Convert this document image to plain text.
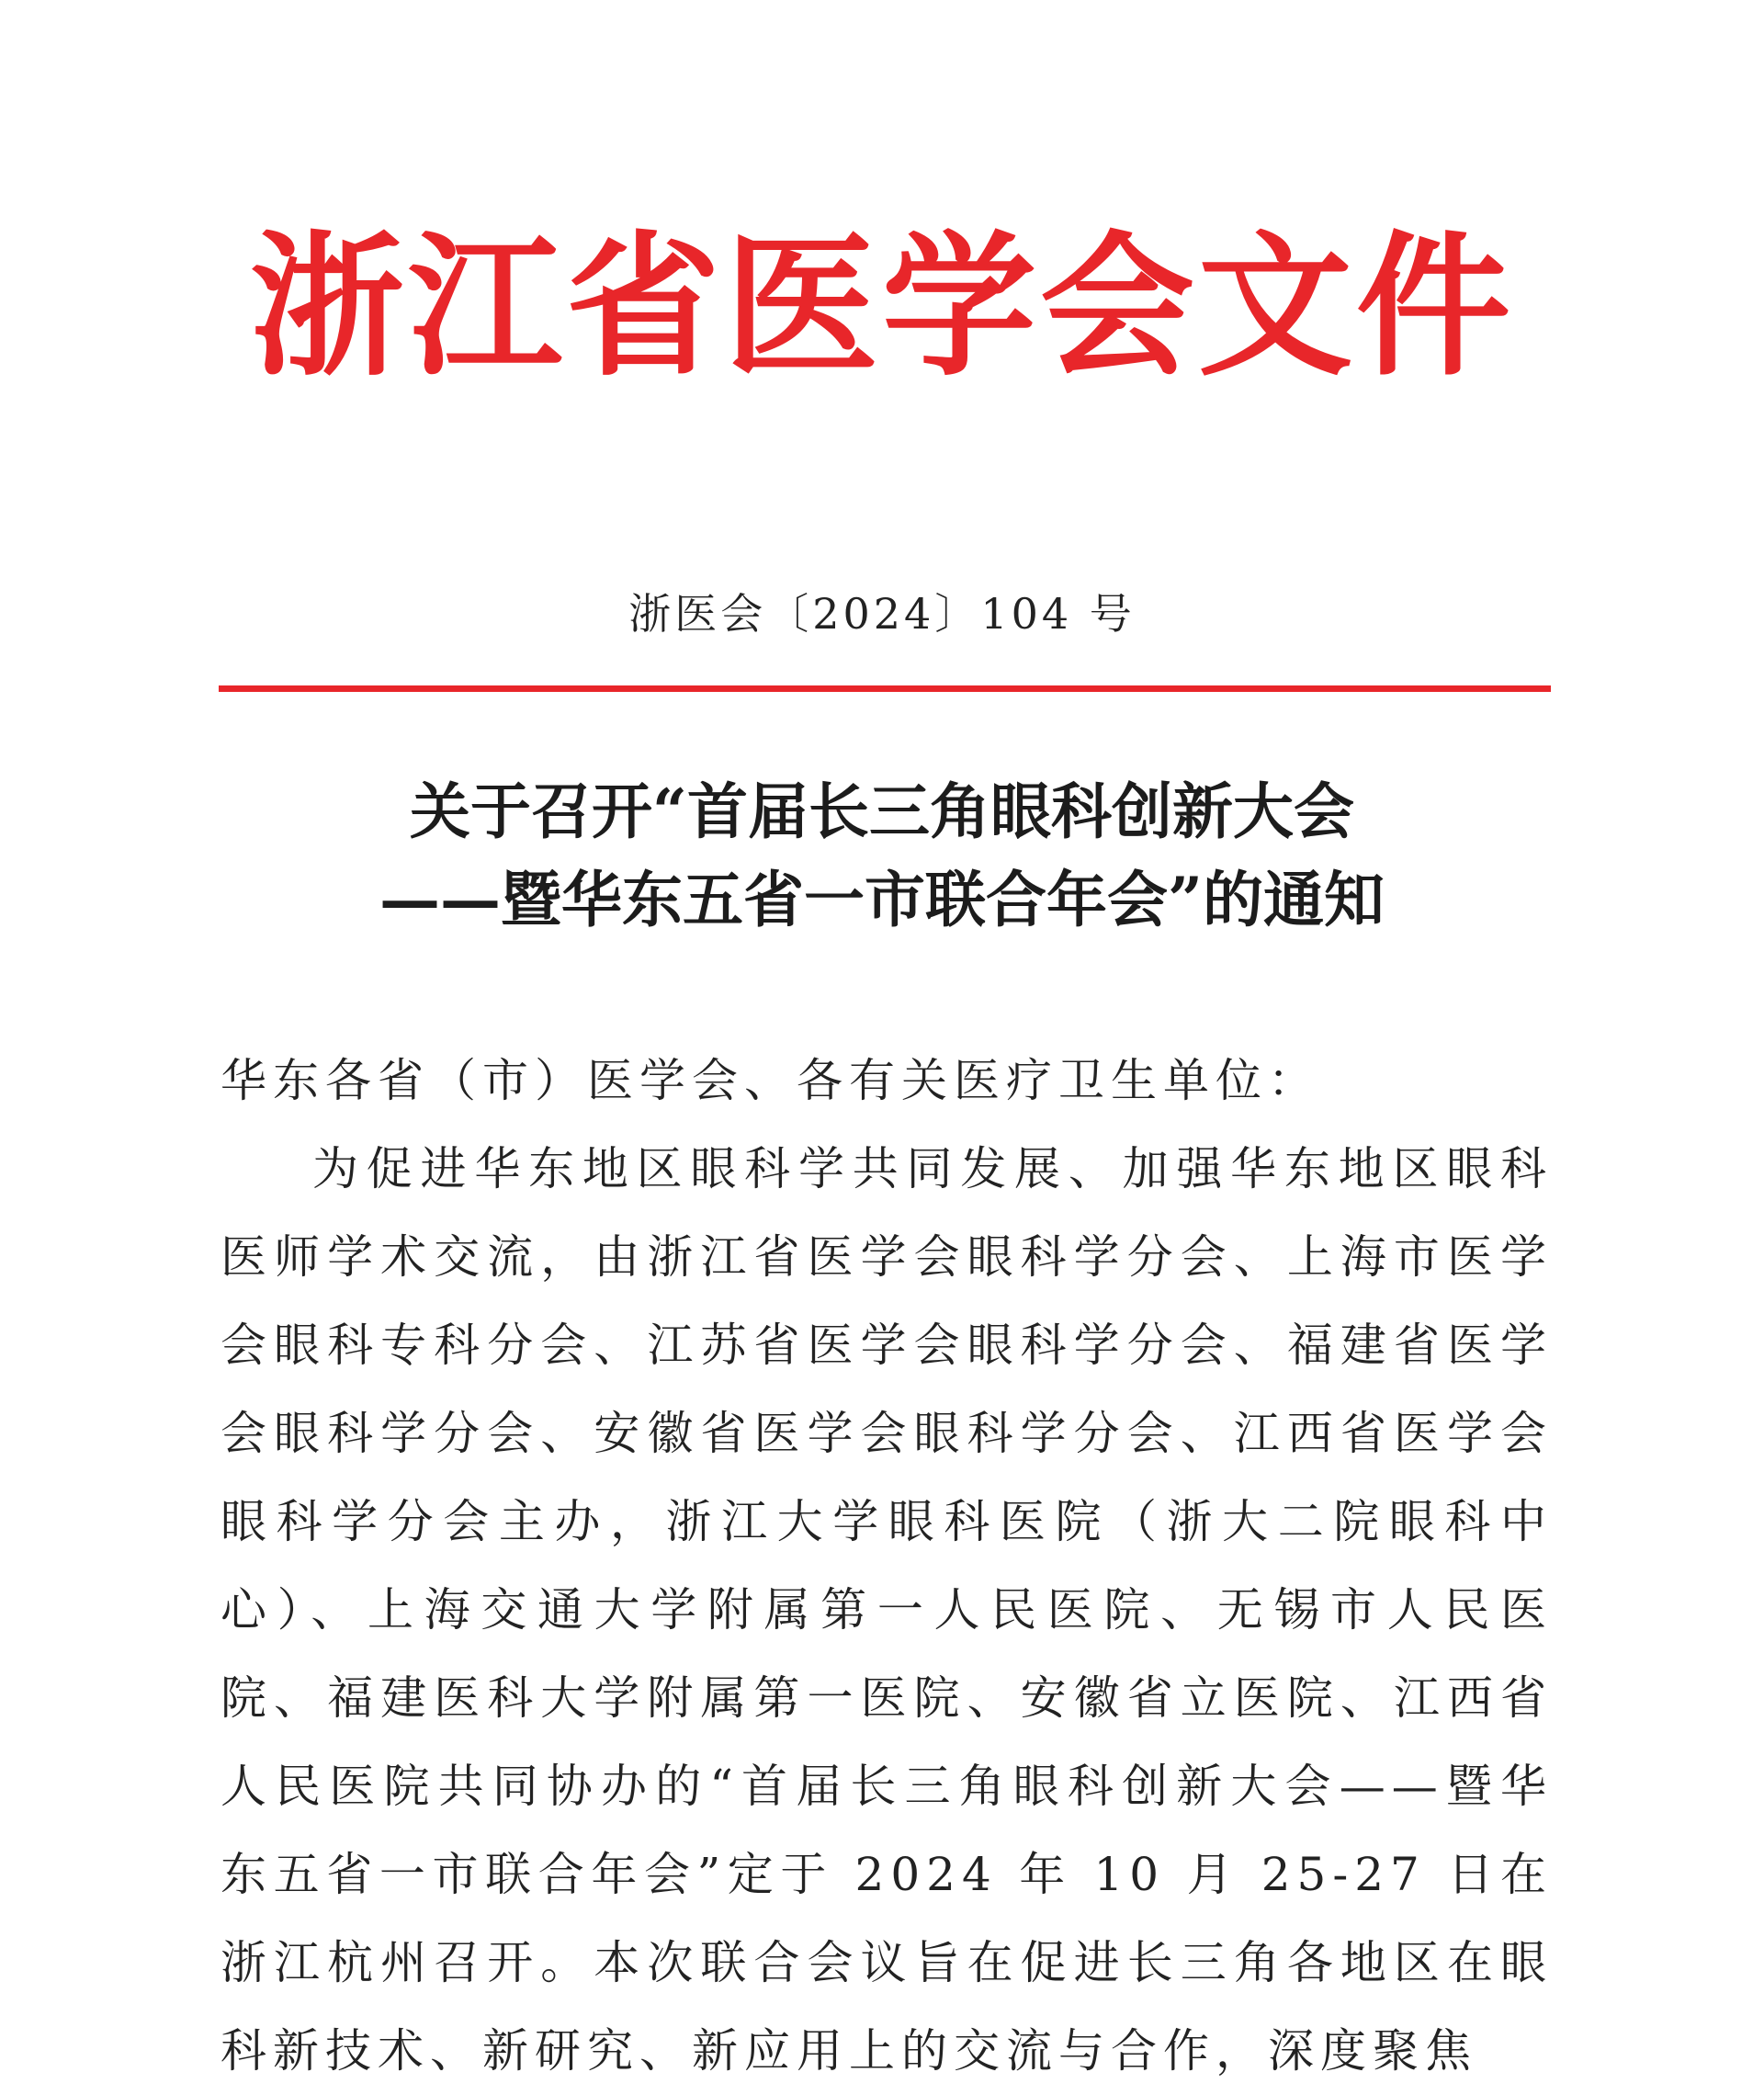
浙江省医学会文件
浙医会〔2024〕104 号
关于召开“首届长三角眼科创新大会
——暨华东五省一市联合年会”的通知

华东各省（市）医学会、各有关医疗卫生单位：

为促进华东地区眼科学共同发展、加强华东地区眼科医师学术交流，由浙江省医学会眼科学分会、上海市医学会眼科专科分会、江苏省医学会眼科学分会、福建省医学会眼科学分会、安徽省医学会眼科学分会、江西省医学会眼科学分会主办，浙江大学眼科医院（浙大二院眼科中心）、上海交通大学附属第一人民医院、无锡市人民医院、福建医科大学附属第一医院、安徽省立医院、江西省人民医院共同协办的“首届长三角眼科创新大会——暨华东五省一市联合年会”定于 2024 年 10 月 25-27 日在浙江杭州召开。本次联合会议旨在促进长三角各地区在眼科新技术、新研究、新应用上的交流与合作，深度聚焦
